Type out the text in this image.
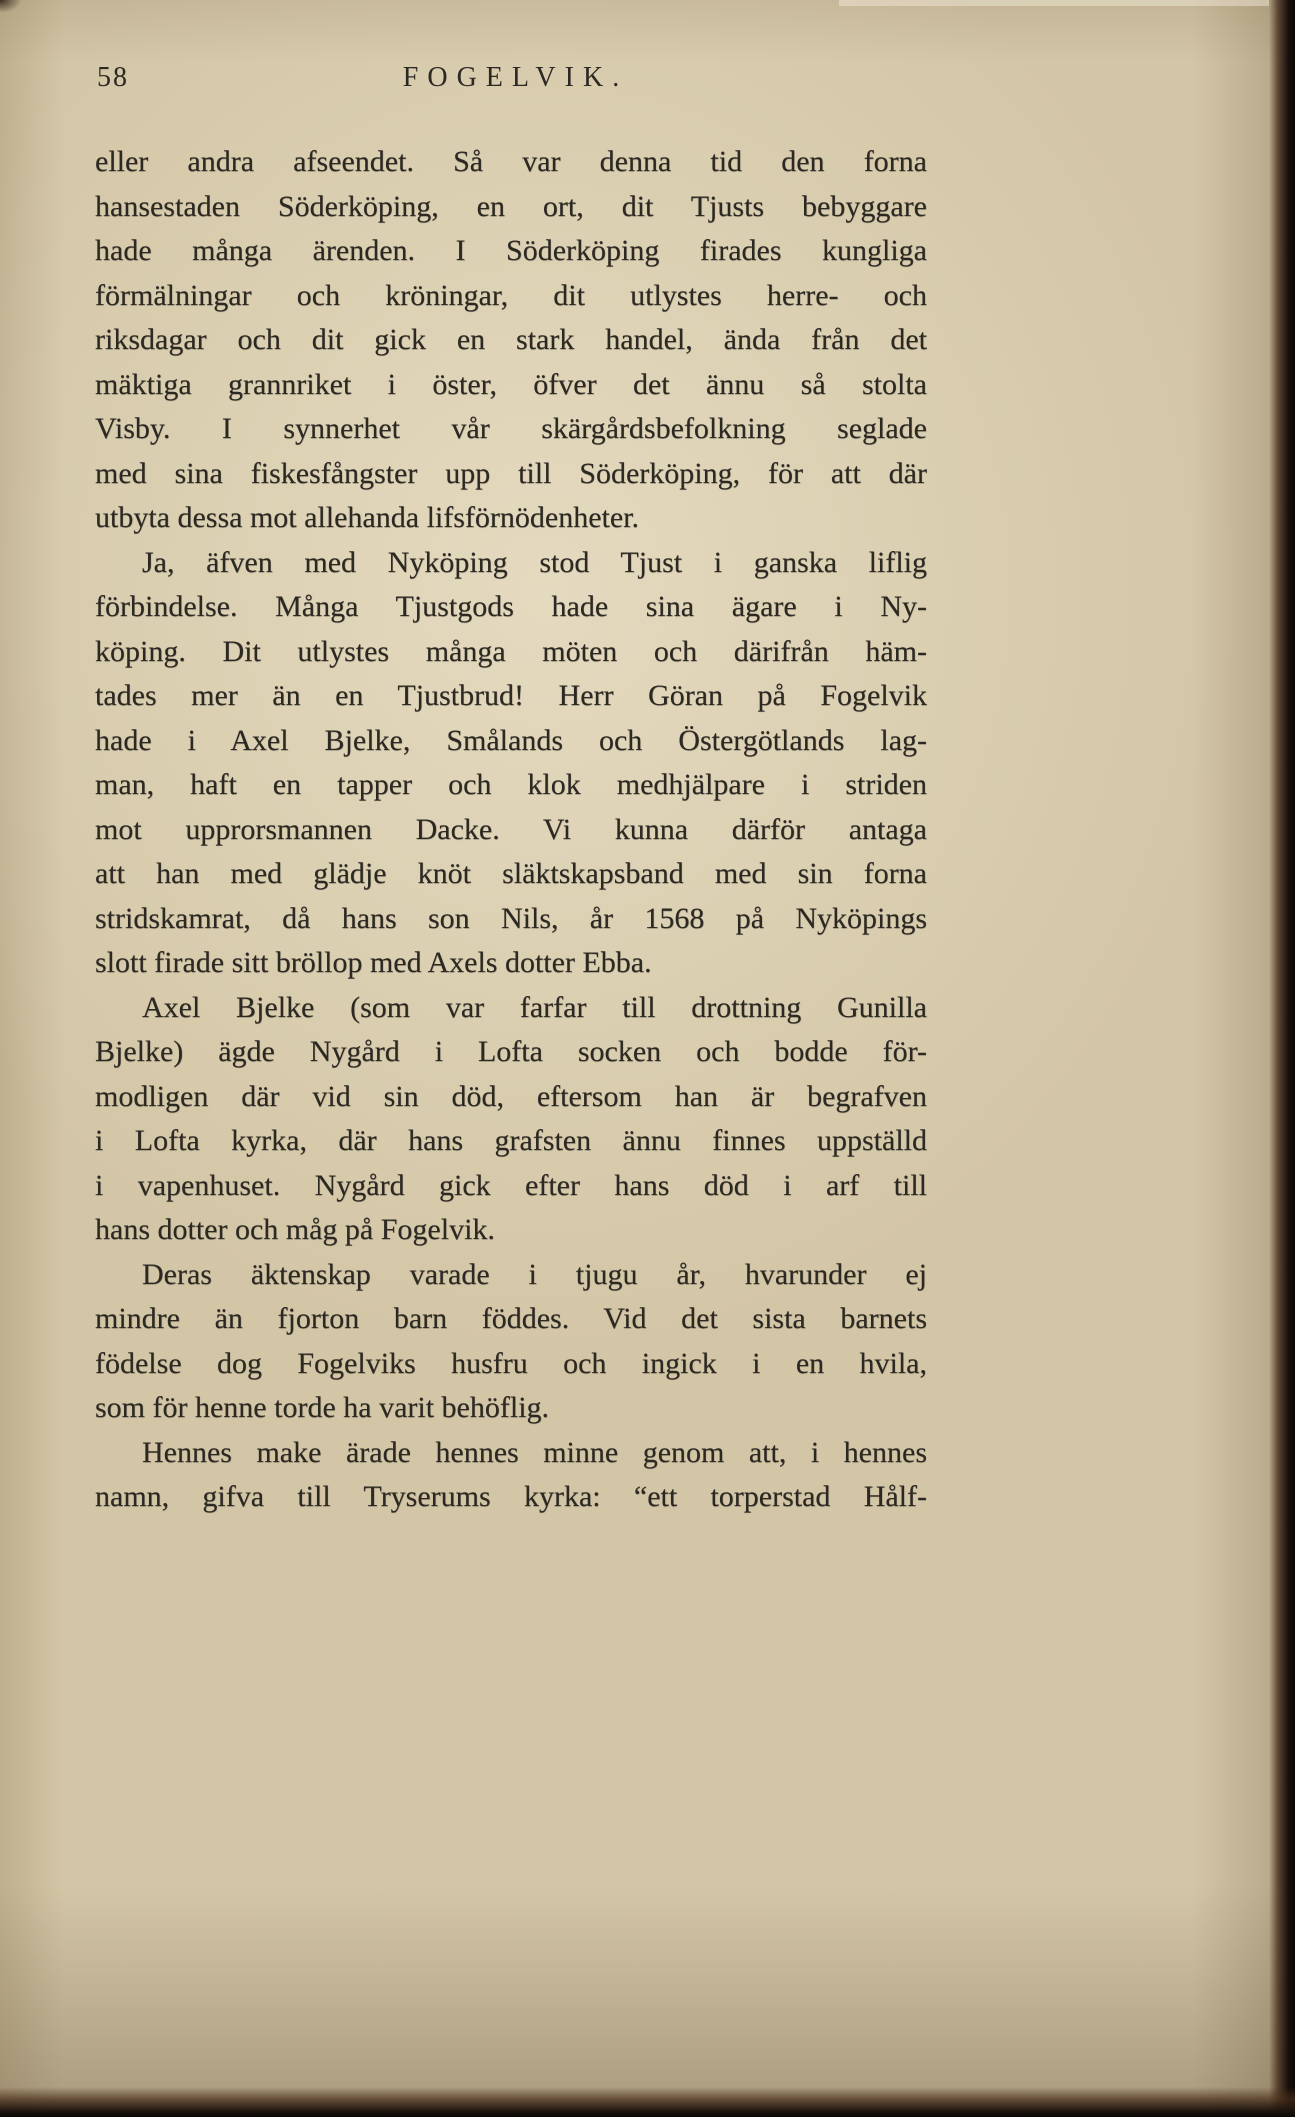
58	FOGELVIK.
eller andra afseendet. Så var denna tid den forna
hansestaden Söderköping, en ort, dit Tjusts bebyggare
hade många ärenden. I Söderköping firades kungliga
förmälningar och kröningar, dit utlystes herre- och
riksdagar och dit gick en stark handel, ända från det
mäktiga grannriket i öster, öfver det ännu så stolta
Visby. I synnerhet vår skärgårdsbefolkning seglade
med sina fiskesfångster upp till Söderköping, för att där
utbyta dessa mot allehanda lifsförnödenheter.
Ja, äfven med Nyköping stod Tjust i ganska liflig
förbindelse. Många Tjustgods hade sina ägare i Ny-
köping. Dit utlystes många möten och därifrån häm-
tades mer än en Tjustbrud! Herr Göran på Fogelvik
hade i Axel Bjelke, Smålands och Östergötlands lag-
man, haft en tapper och klok medhjälpare i striden
mot upprorsmannen Dacke. Vi kunna därför antaga
att han med glädje knöt släktskapsband med sin forna
stridskamrat, då hans son Nils, år 1568 på Nyköpings
slott firade sitt bröllop med Axels dotter Ebba.
Axel Bjelke (som var farfar till drottning Gunilla
Bjelke) ägde Nygård i Lofta socken och bodde för-
modligen där vid sin död, eftersom han är begrafven
i Lofta kyrka, där hans grafsten ännu finnes uppställd
i vapenhuset. Nygård gick efter hans död i arf till
hans dotter och måg på Fogelvik.
Deras äktenskap varade i tjugu år, hvarunder ej
mindre än fjorton barn föddes. Vid det sista barnets
födelse dog Fogelviks husfru och ingick i en hvila,
som för henne torde ha varit behöflig.
Hennes make ärade hennes minne genom att, i hennes
namn, gifva till Tryserums kyrka: “ett torperstad Hålf-
